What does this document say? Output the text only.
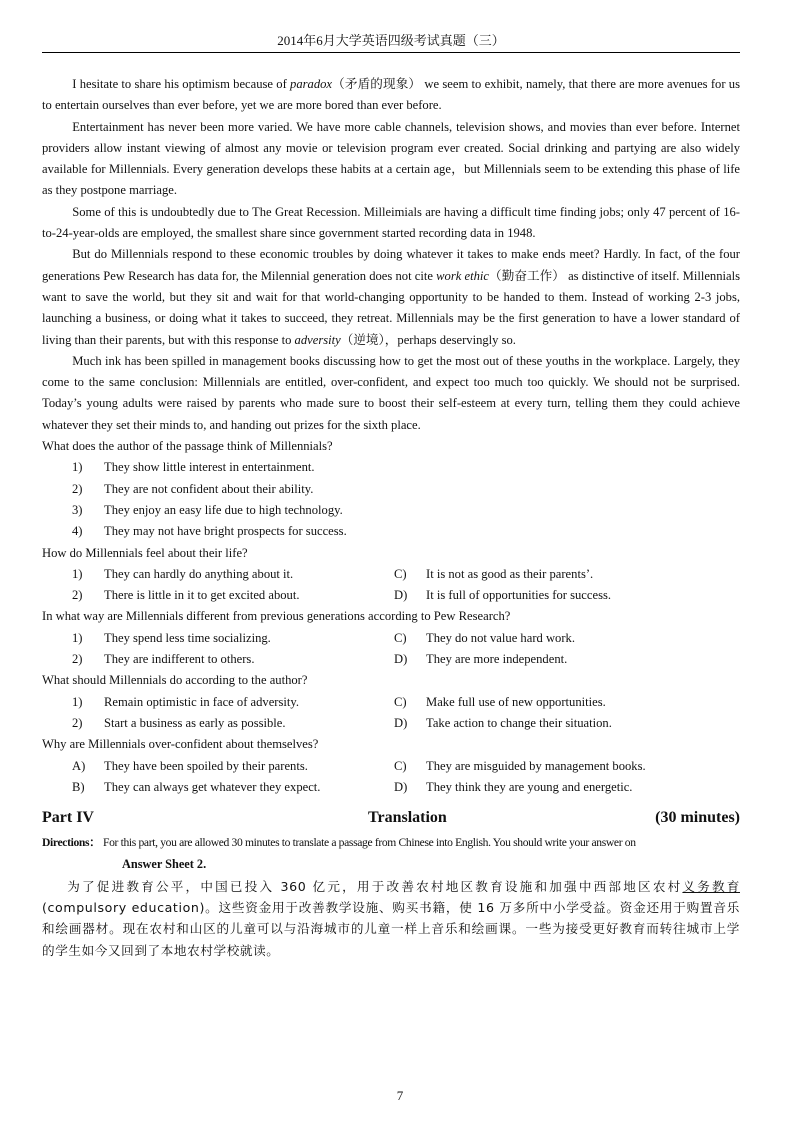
2014年6月大学英语四级考试真题（三）

I hesitate to share his optimism because of paradox（矛盾的现象） we seem to exhibit, namely, that there are more avenues for us to entertain ourselves than ever before, yet we are more bored than ever before.

Entertainment has never been more varied. We have more cable channels, television shows, and movies than ever before. Internet providers allow instant viewing of almost any movie or television program ever created. Social drinking and partying are also widely available for Millennials. Every generation develops these habits at a certain age，but Millennials seem to be extending this phase of life as they postpone marriage.

Some of this is undoubtedly due to The Great Recession. Milleimials are having a difficult time finding jobs; only 47 percent of 16-to-24-year-olds are employed, the smallest share since government started recording data in 1948.

But do Millennials respond to these economic troubles by doing whatever it takes to make ends meet? Hardly. In fact, of the four generations Pew Research has data for, the Milennial generation does not cite work ethic（勤奋工作） as distinctive of itself. Millennials want to save the world, but they sit and wait for that world-changing opportunity to be handed to them. Instead of working 2-3 jobs, launching a business, or doing what it takes to succeed, they retreat. Millennials may be the first generation to have a lower standard of living than their parents, but with this response to adversity（逆境），perhaps deservingly so.

Much ink has been spilled in management books discussing how to get the most out of these youths in the workplace. Largely, they come to the same conclusion: Millennials are entitled, over-confident, and expect too much too quickly. We should not be surprised. Today’s young adults were raised by parents who made sure to boost their self-esteem at every turn, telling them they could achieve whatever they set their minds to, and handing out prizes for the sixth place.

What does the author of the passage think of Millennials?

1)	They show little interest in entertainment.
2)	They are not confident about their ability.
3)	They enjoy an easy life due to high technology.
4)	They may not have bright prospects for success.

How do Millennials feel about their life?

1)	They can hardly do anything about it.	C)	It is not as good as their parents’.
2)	There is little in it to get excited about.	D)	It is full of opportunities for success.

In what way are Millennials different from previous generations according to Pew Research?

1)	They spend less time socializing.	C)	They do not value hard work.
2)	They are indifferent to others.	D)	They are more independent.

What should Millennials do according to the author?

1)	Remain optimistic in face of adversity.	C)	Make full use of new opportunities.
2)	Start a business as early as possible.	D)	Take action to change their situation.

Why are Millennials over-confident about themselves?

A)	They have been spoiled by their parents.	C)	They are misguided by management books.
B)	They can always get whatever they expect.	D)	They think they are young and energetic.
Part IV	Translation	(30 minutes)
Directions： For this part, you are allowed 30 minutes to translate a passage from Chinese into English. You should write your answer on
Answer Sheet 2.

为了促进教育公平，中国已投入 360 亿元，用于改善农村地区教育设施和加强中西部地区农村义务教育(compulsory education)。这些资金用于改善教学设施、购买书籍，使 16 万多所中小学受益。资金还用于购置音乐和绘画器材。现在农村和山区的儿童可以与沿海城市的儿童一样上音乐和绘画课。一些为接受更好教育而转往城市上学的学生如今又回到了本地农村学校就读。

7
